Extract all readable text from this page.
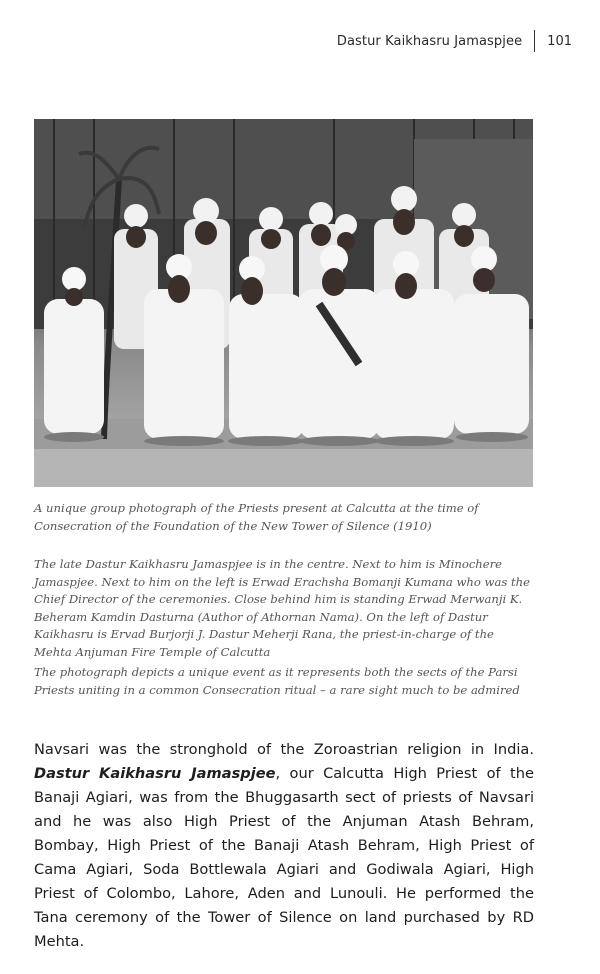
Dastur Kaikhasru Jamaspjee	101

A unique group photograph of the Priests present at Calcutta at the time of Consecration of the Foundation of the New Tower of Silence (1910)

The late Dastur Kaikhasru Jamaspjee is in the centre. Next to him is Minochere Jamaspjee. Next to him on the left is Erwad Erachsha Bomanji Kumana who was the Chief Director of the ceremonies. Close behind him is standing Erwad Merwanji K. Beheram Kamdin Dasturna (Author of Athornan Nama). On the left of Dastur Kaikhasru is Ervad Burjorji J. Dastur Meherji Rana, the priest-in-charge of the Mehta Anjuman Fire Temple of Calcutta

The photograph depicts a unique event as it represents both the sects of the Parsi Priests uniting in a common Consecration ritual – a rare sight much to be admired

Navsari was the stronghold of the Zoroastrian religion in India. Dastur Kaikhasru Jamaspjee, our Calcutta High Priest of the Banaji Agiari, was from the Bhuggasarth sect of priests of Navsari and he was also High Priest of the Anjuman Atash Behram, Bombay, High Priest of the Banaji Atash Behram, High Priest of Cama Agiari, Soda Bottlewala Agiari and Godiwala Agiari, High Priest of Colombo, Lahore, Aden and Lunouli. He performed the Tana ceremony of the Tower of Silence on land purchased by RD Mehta.
